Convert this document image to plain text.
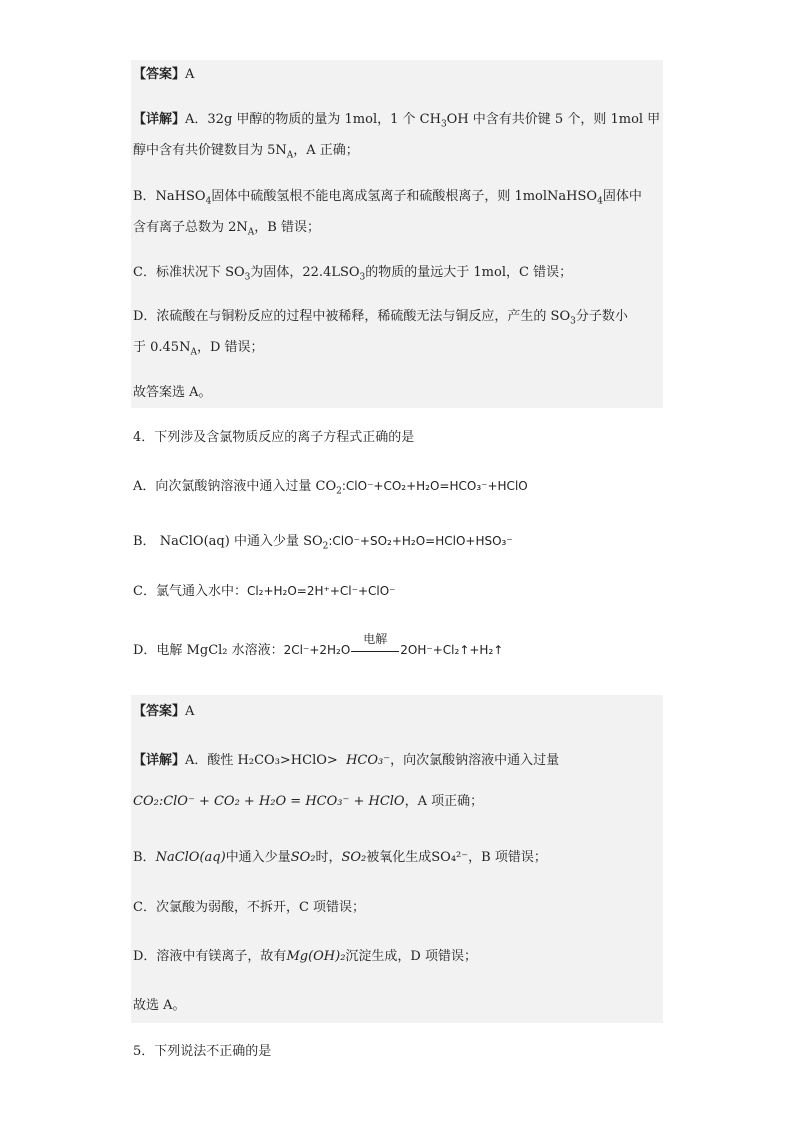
【答案】A
【详解】A．32g 甲醇的物质的量为 1mol，1 个 $CH_3OH$ 中含有共价键 5 个，则 1mol 甲
醇中含有共价键数目为 $5N_A$，A 正确；
B．NaHSO$_4$固体中硫酸氢根不能电离成氢离子和硫酸根离子，则 1molNaHSO$_4$固体中
含有离子总数为 $2N_A$，B 错误；
C．标准状况下 $SO_3$为固体，$22.4LSO_3$的物质的量远大于 1mol，C 错误；
D．浓硫酸在与铜粉反应的过程中被稀释，稀硫酸无法与铜反应，产生的 $SO_3$分子数小
于 $0.45N_A$，D 错误；
故答案选 A。
4．下列涉及含氯物质反应的离子方程式正确的是
A．向次氯酸钠溶液中通入过量 $CO_2:ClO^-+CO_2+H_2O=HCO_3^-+HClO$
B． NaClO(aq) 中通入少量 $SO_2:ClO^-+SO_2+H_2O=HClO+HSO_3^-$
C．氯气通入水中：Cl₂+H₂O=2H⁺+Cl⁻+ClO⁻
D．电解 MgCl₂ 水溶液：2Cl⁻+2H₂O
电解
2OH⁻+Cl₂↑+H₂↑
【答案】A
【详解】A．酸性 H₂CO₃>HClO> HCO₃⁻，向次氯酸钠溶液中通入过量
CO₂:ClO⁻ + CO₂ + H₂O = HCO₃⁻ + HClO，A 项正确；
B．NaClO(aq)中通入少量SO₂时，SO₂被氧化生成SO₄²⁻，B 项错误；
C．次氯酸为弱酸，不拆开，C 项错误；
D．溶液中有镁离子，故有Mg(OH)₂沉淀生成，D 项错误；
故选 A。
5．下列说法不正确的是
